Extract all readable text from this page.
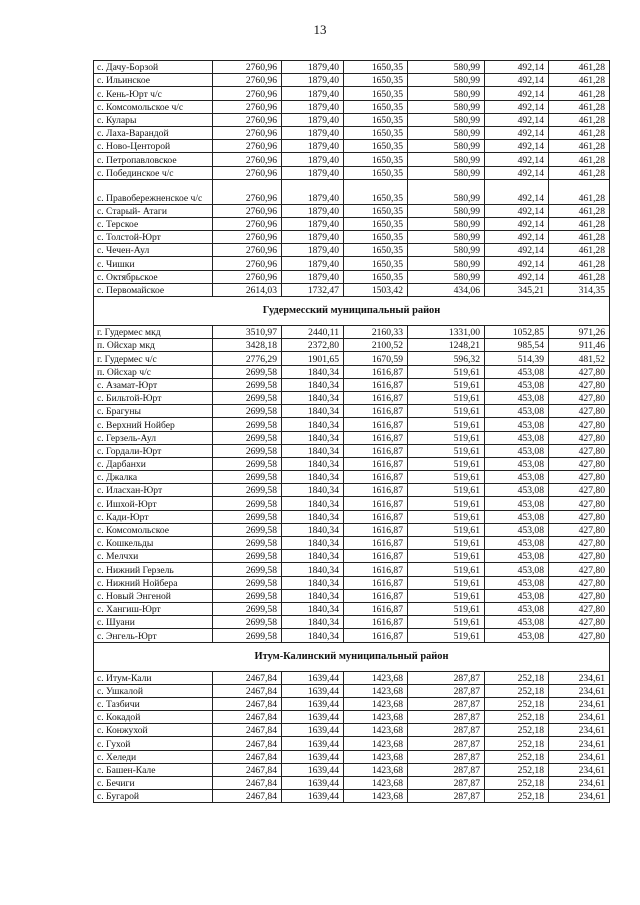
13
с. Дачу-Борзой	2760,96	1879,40	1650,35	580,99	492,14	461,28
с. Ильинское	2760,96	1879,40	1650,35	580,99	492,14	461,28
с. Кень-Юрт ч/с	2760,96	1879,40	1650,35	580,99	492,14	461,28
с. Комсомольское ч/с	2760,96	1879,40	1650,35	580,99	492,14	461,28
с. Кулары	2760,96	1879,40	1650,35	580,99	492,14	461,28
с. Лаха-Варандой	2760,96	1879,40	1650,35	580,99	492,14	461,28
с. Ново-Центорой	2760,96	1879,40	1650,35	580,99	492,14	461,28
с. Петропавловское	2760,96	1879,40	1650,35	580,99	492,14	461,28
с. Побединское ч/с	2760,96	1879,40	1650,35	580,99	492,14	461,28
с. Правобережненское ч/с	2760,96	1879,40	1650,35	580,99	492,14	461,28
с. Старый- Атаги	2760,96	1879,40	1650,35	580,99	492,14	461,28
с. Терское	2760,96	1879,40	1650,35	580,99	492,14	461,28
с. Толстой-Юрт	2760,96	1879,40	1650,35	580,99	492,14	461,28
с. Чечен-Аул	2760,96	1879,40	1650,35	580,99	492,14	461,28
с. Чишки	2760,96	1879,40	1650,35	580,99	492,14	461,28
с. Октябрьское	2760,96	1879,40	1650,35	580,99	492,14	461,28
с. Первомайское	2614,03	1732,47	1503,42	434,06	345,21	314,35
Гудермесский муниципальный район						
г. Гудермес мкд	3510,97	2440,11	2160,33	1331,00	1052,85	971,26
п. Ойсхар мкд	3428,18	2372,80	2100,52	1248,21	985,54	911,46
г. Гудермес ч/с	2776,29	1901,65	1670,59	596,32	514,39	481,52
п. Ойсхар ч/с	2699,58	1840,34	1616,87	519,61	453,08	427,80
с. Азамат-Юрт	2699,58	1840,34	1616,87	519,61	453,08	427,80
с. Бильтой-Юрт	2699,58	1840,34	1616,87	519,61	453,08	427,80
с. Брагуны	2699,58	1840,34	1616,87	519,61	453,08	427,80
с. Верхний Нойбер	2699,58	1840,34	1616,87	519,61	453,08	427,80
с. Герзель-Аул	2699,58	1840,34	1616,87	519,61	453,08	427,80
с. Гордали-Юрт	2699,58	1840,34	1616,87	519,61	453,08	427,80
с. Дарбанхи	2699,58	1840,34	1616,87	519,61	453,08	427,80
с. Джалка	2699,58	1840,34	1616,87	519,61	453,08	427,80
с. Иласхан-Юрт	2699,58	1840,34	1616,87	519,61	453,08	427,80
с. Ишхой-Юрт	2699,58	1840,34	1616,87	519,61	453,08	427,80
с. Кади-Юрт	2699,58	1840,34	1616,87	519,61	453,08	427,80
с. Комсомольское	2699,58	1840,34	1616,87	519,61	453,08	427,80
с. Кошкельды	2699,58	1840,34	1616,87	519,61	453,08	427,80
с. Мелчхи	2699,58	1840,34	1616,87	519,61	453,08	427,80
с. Нижний Герзель	2699,58	1840,34	1616,87	519,61	453,08	427,80
с. Нижний Нойбера	2699,58	1840,34	1616,87	519,61	453,08	427,80
с. Новый Энгеной	2699,58	1840,34	1616,87	519,61	453,08	427,80
с. Хангиш-Юрт	2699,58	1840,34	1616,87	519,61	453,08	427,80
с. Шуани	2699,58	1840,34	1616,87	519,61	453,08	427,80
с. Энгель-Юрт	2699,58	1840,34	1616,87	519,61	453,08	427,80
Итум-Калинский муниципальный район						
с. Итум-Кали	2467,84	1639,44	1423,68	287,87	252,18	234,61
с. Ушкалой	2467,84	1639,44	1423,68	287,87	252,18	234,61
с. Тазбичи	2467,84	1639,44	1423,68	287,87	252,18	234,61
с. Кокадой	2467,84	1639,44	1423,68	287,87	252,18	234,61
с. Конжухой	2467,84	1639,44	1423,68	287,87	252,18	234,61
с. Гухой	2467,84	1639,44	1423,68	287,87	252,18	234,61
с. Хеледи	2467,84	1639,44	1423,68	287,87	252,18	234,61
с. Башен-Кале	2467,84	1639,44	1423,68	287,87	252,18	234,61
с. Бечиги	2467,84	1639,44	1423,68	287,87	252,18	234,61
с. Бугарой	2467,84	1639,44	1423,68	287,87	252,18	234,61
